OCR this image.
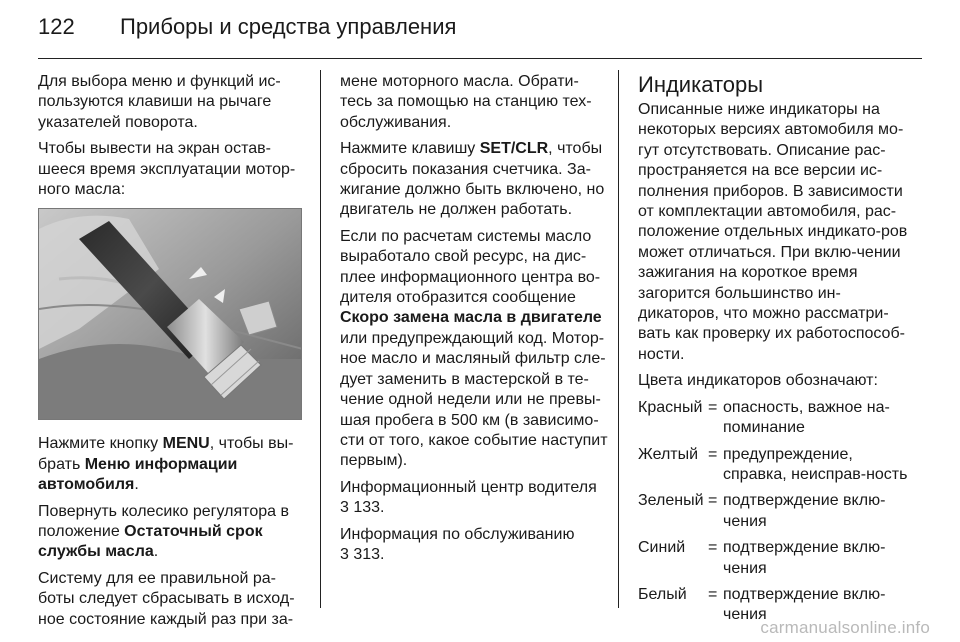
122	Приборы и средства управления

Для выбора меню и функций ис-пользуются клавиши на рычаге указателей поворота.

Чтобы вывести на экран остав-шееся время эксплуатации мотор-ного масла:

Нажмите кнопку MENU, чтобы вы-брать Меню информации автомобиля.

Повернуть колесико регулятора в положение Остаточный срок службы масла.

Систему для ее правильной ра-боты следует сбрасывать в исход-ное состояние каждый раз при за-

мене моторного масла. Обрати-тесь за помощью на станцию тех-обслуживания.

Нажмите клавишу SET/CLR, чтобы сбросить показания счетчика. За-жигание должно быть включено, но двигатель не должен работать.

Если по расчетам системы масло выработало свой ресурс, на дис-плее информационного центра во-дителя отобразится сообщение Скоро замена масла в двигателе или предупреждающий код. Мотор-ное масло и масляный фильтр сле-дует заменить в мастерской в те-чение одной недели или не превы-шая пробега в 500 км (в зависимо-сти от того, какое событие наступит первым).

Информационный центр водителя
3 133.

Информация по обслуживанию
3 313.

Индикаторы

Описанные ниже индикаторы на некоторых версиях автомобиля мо-гут отсутствовать. Описание рас-пространяется на все версии ис-полнения приборов. В зависимости от комплектации автомобиля, рас-положение отдельных индикато-ров может отличаться. При вклю-чении зажигания на короткое время загорится большинство ин-дикаторов, что можно рассматри-вать как проверку их работоспособ-ности.

Цвета индикаторов обозначают:

Красный = опасность, важное на-поминание
Желтый = предупреждение, справка, неисправ-ность
Зеленый = подтверждение вклю-чения
Синий	= подтверждение вклю-чения
Белый	= подтверждение вклю-чения
carmanualsonline.info
